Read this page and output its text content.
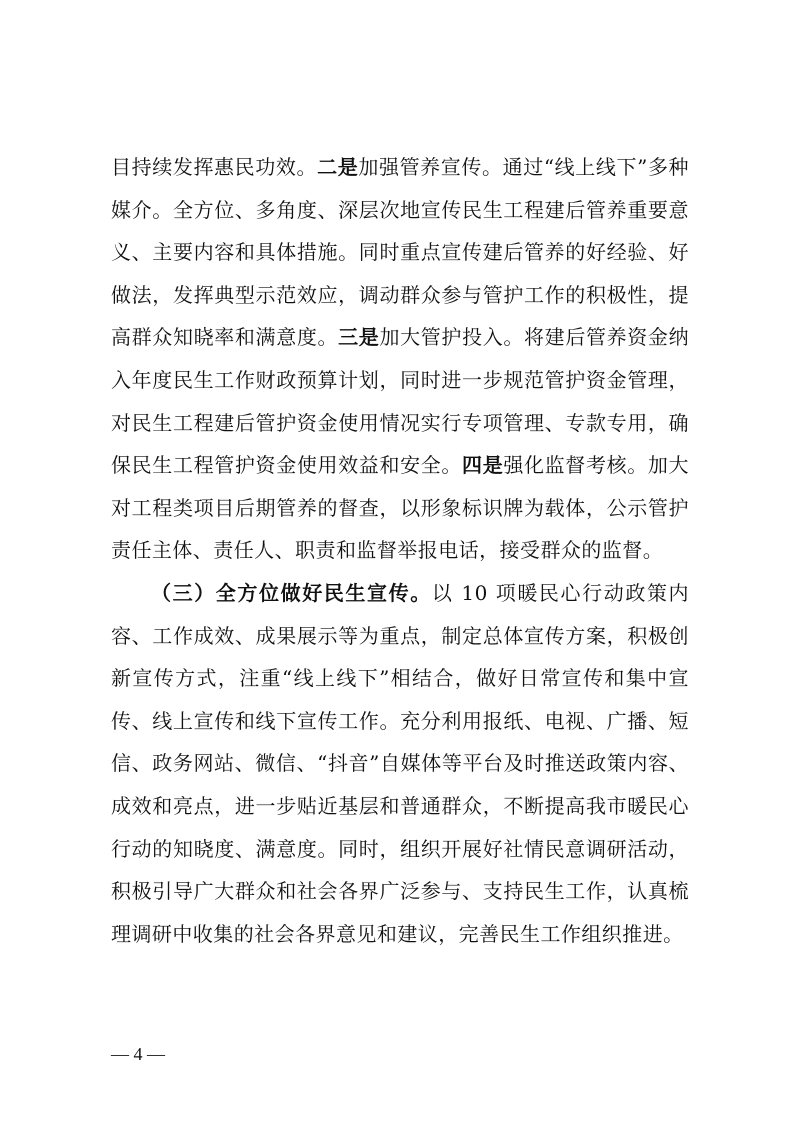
目持续发挥惠民功效。二是加强管养宣传。通过“线上线下”多种媒介。全方位、多角度、深层次地宣传民生工程建后管养重要意义、主要内容和具体措施。同时重点宣传建后管养的好经验、好做法，发挥典型示范效应，调动群众参与管护工作的积极性，提高群众知晓率和满意度。三是加大管护投入。将建后管养资金纳入年度民生工作财政预算计划，同时进一步规范管护资金管理，对民生工程建后管护资金使用情况实行专项管理、专款专用，确保民生工程管护资金使用效益和安全。四是强化监督考核。加大对工程类项目后期管养的督查，以形象标识牌为载体，公示管护责任主体、责任人、职责和监督举报电话，接受群众的监督。

（三）全方位做好民生宣传。以 10 项暖民心行动政策内容、工作成效、成果展示等为重点，制定总体宣传方案，积极创新宣传方式，注重“线上线下”相结合，做好日常宣传和集中宣传、线上宣传和线下宣传工作。充分利用报纸、电视、广播、短信、政务网站、微信、“抖音”自媒体等平台及时推送政策内容、成效和亮点，进一步贴近基层和普通群众，不断提高我市暖民心行动的知晓度、满意度。同时，组织开展好社情民意调研活动，积极引导广大群众和社会各界广泛参与、支持民生工作，认真梳理调研中收集的社会各界意见和建议，完善民生工作组织推进。

— 4 —
